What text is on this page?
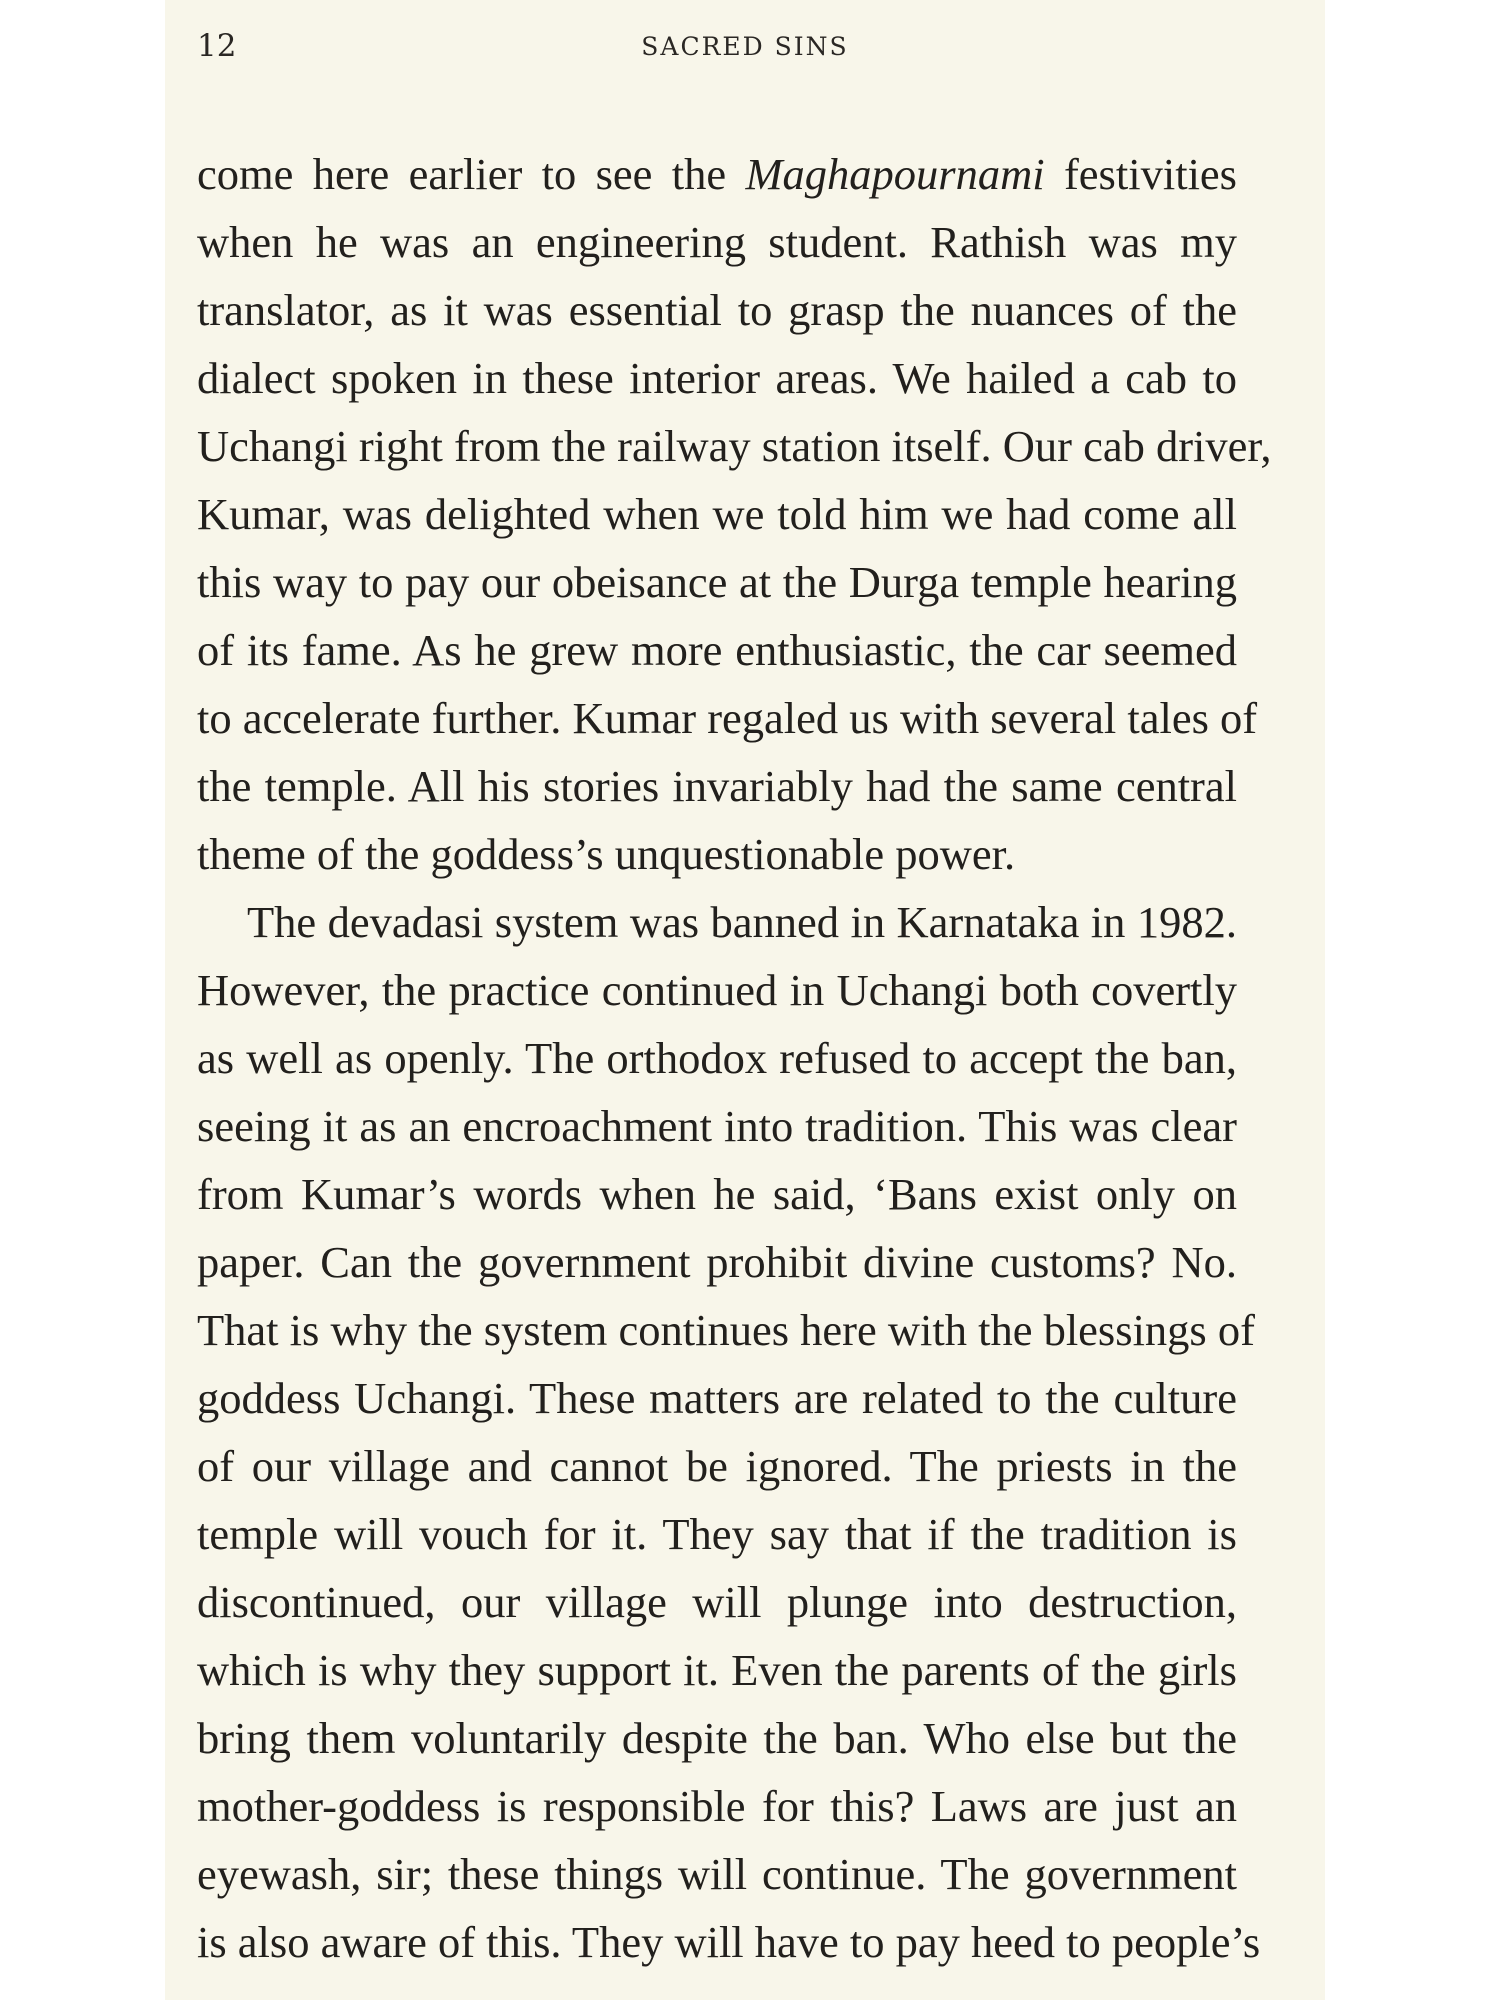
12	SACRED SINS
come here earlier to see the Maghapournami festivities
when he was an engineering student. Rathish was my
translator, as it was essential to grasp the nuances of the
dialect spoken in these interior areas. We hailed a cab to
Uchangi right from the railway station itself. Our cab driver,
Kumar, was delighted when we told him we had come all
this way to pay our obeisance at the Durga temple hearing
of its fame. As he grew more enthusiastic, the car seemed
to accelerate further. Kumar regaled us with several tales of
the temple. All his stories invariably had the same central
theme of the goddess’s unquestionable power.
The devadasi system was banned in Karnataka in 1982.
However, the practice continued in Uchangi both covertly
as well as openly. The orthodox refused to accept the ban,
seeing it as an encroachment into tradition. This was clear
from Kumar’s words when he said, ‘Bans exist only on
paper. Can the government prohibit divine customs? No.
That is why the system continues here with the blessings of
goddess Uchangi. These matters are related to the culture
of our village and cannot be ignored. The priests in the
temple will vouch for it. They say that if the tradition is
discontinued, our village will plunge into destruction,
which is why they support it. Even the parents of the girls
bring them voluntarily despite the ban. Who else but the
mother-goddess is responsible for this? Laws are just an
eyewash, sir; these things will continue. The government
is also aware of this. They will have to pay heed to people’s
